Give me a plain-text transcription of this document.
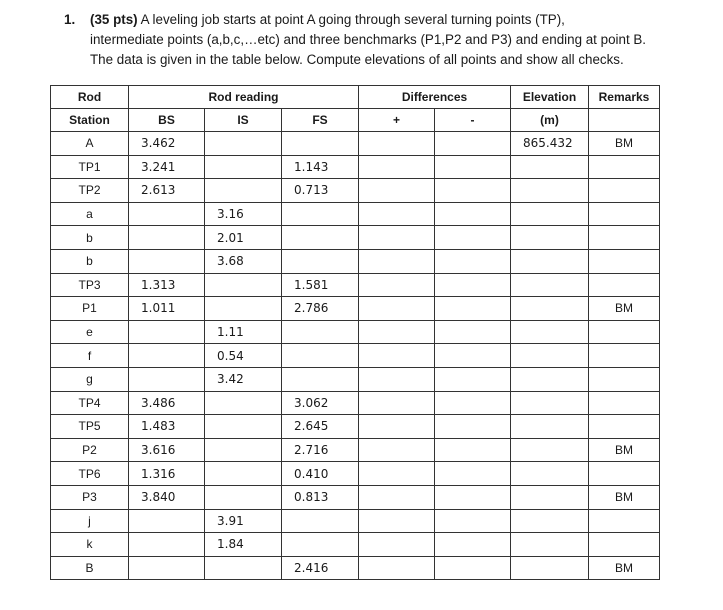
1. (35 pts) A leveling job starts at point A going through several turning points (TP),
intermediate points (a,b,c,…etc) and three benchmarks (P1,P2 and P3) and ending at point B.
The data is given in the table below. Compute elevations of all points and show all checks.
Rod	Rod reading			Differences		Elevation	Remarks
Station	BS	IS	FS	+	-	(m)	
A	3.462					865.432	BM
TP1	3.241		1.143				
TP2	2.613		0.713				
a		3.16					
b		2.01					
b		3.68					
TP3	1.313		1.581				
P1	1.011		2.786				BM
e		1.11					
f		0.54					
g		3.42					
TP4	3.486		3.062				
TP5	1.483		2.645				
P2	3.616		2.716				BM
TP6	1.316		0.410				
P3	3.840		0.813				BM
j		3.91					
k		1.84					
B			2.416				BM
